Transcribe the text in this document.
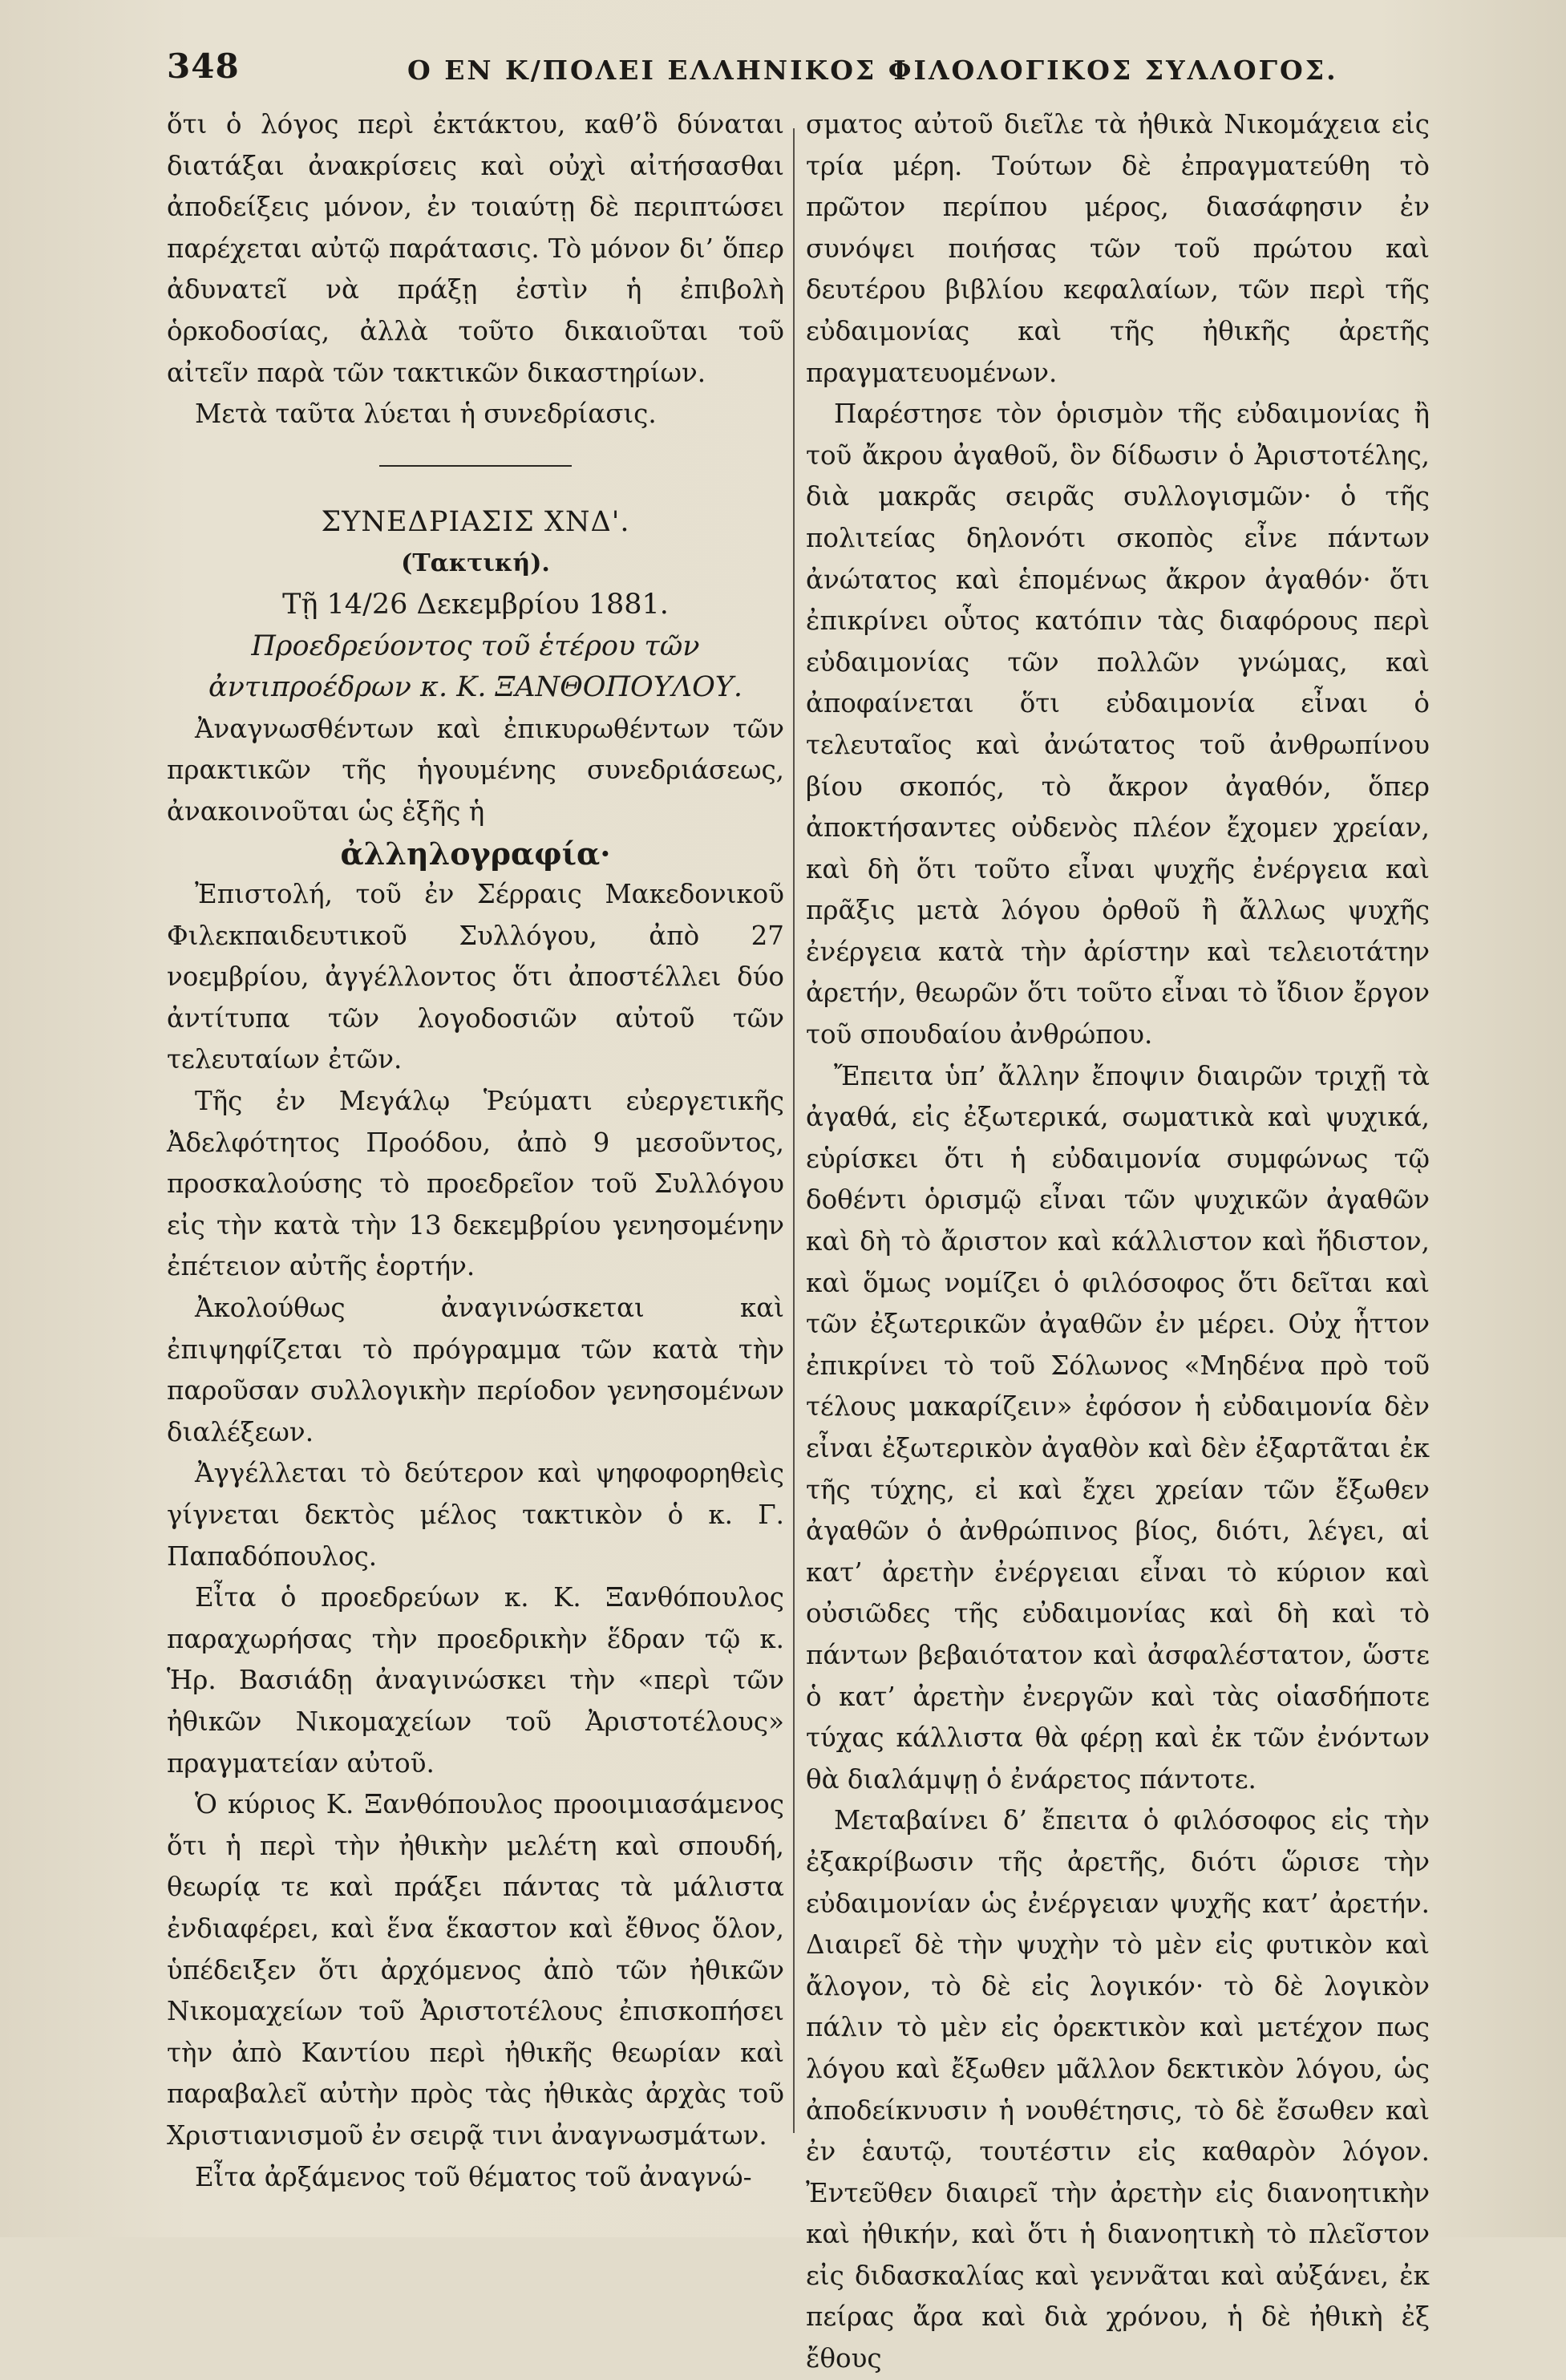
348	Ο ΕΝ Κ/ΠΟΛΕΙ ΕΛΛΗΝΙΚΟΣ ΦΙΛΟΛΟΓΙΚΟΣ ΣΥΛΛΟΓΟΣ.

ὅτι ὁ λόγος περὶ ἐκτάκτου, καθ’ὃ δύναται διατάξαι ἀνακρίσεις καὶ οὐχὶ αἰτήσασθαι ἀποδείξεις μόνον, ἐν τοιαύτῃ δὲ περιπτώσει παρέχεται αὐτῷ παράτασις. Τὸ μόνον δι’ ὅπερ ἀδυνατεῖ νὰ πράξῃ ἐστὶν ἡ ἐπιβολὴ ὁρκοδοσίας, ἀλλὰ τοῦτο δικαιοῦται τοῦ αἰτεῖν παρὰ τῶν τακτικῶν δικαστηρίων.

Μετὰ ταῦτα λύεται ἡ συνεδρίασις.

ΣΥΝΕΔΡΙΑΣΙΣ ΧΝΔ'.

(Τακτική).

Τῇ 14/26 Δεκεμβρίου 1881.

Προεδρεύοντος τοῦ ἑτέρου τῶν ἀντιπροέδρων κ. Κ. ΞΑΝΘΟΠΟΥΛΟΥ.

Ἀναγνωσθέντων καὶ ἐπικυρωθέντων τῶν πρακτικῶν τῆς ἡγουμένης συνεδριάσεως, ἀνακοινοῦται ὡς ἑξῆς ἡ

ἀλληλογραφία·

Ἐπιστολή, τοῦ ἐν Σέρραις Μακεδονικοῦ Φιλεκπαιδευτικοῦ Συλλόγου, ἀπὸ 27 νοεμβρίου, ἀγγέλλοντος ὅτι ἀποστέλλει δύο ἀντίτυπα τῶν λογοδοσιῶν αὐτοῦ τῶν τελευταίων ἐτῶν.

Τῆς ἐν Μεγάλῳ Ῥεύματι εὐεργετικῆς Ἀδελφότητος Προόδου, ἀπὸ 9 μεσοῦντος, προσκαλούσης τὸ προεδρεῖον τοῦ Συλλόγου εἰς τὴν κατὰ τὴν 13 δεκεμβρίου γενησομένην ἐπέτειον αὐτῆς ἑορτήν.

Ἀκολούθως ἀναγινώσκεται καὶ ἐπιψηφίζεται τὸ πρόγραμμα τῶν κατὰ τὴν παροῦσαν συλλογικὴν περίοδον γενησομένων διαλέξεων.

Ἀγγέλλεται τὸ δεύτερον καὶ ψηφοφορηθεὶς γίγνεται δεκτὸς μέλος τακτικὸν ὁ κ. Γ. Παπαδόπουλος.

Εἶτα ὁ προεδρεύων κ. Κ. Ξανθόπουλος παραχωρήσας τὴν προεδρικὴν ἕδραν τῷ κ. Ἡρ. Βασιάδῃ ἀναγινώσκει τὴν «περὶ τῶν ἠθικῶν Νικομαχείων τοῦ Ἀριστοτέλους» πραγματείαν αὐτοῦ.

Ὁ κύριος Κ. Ξανθόπουλος προοιμιασάμενος ὅτι ἡ περὶ τὴν ἠθικὴν μελέτη καὶ σπουδή, θεωρίᾳ τε καὶ πράξει πάντας τὰ μάλιστα ἐνδιαφέρει, καὶ ἕνα ἕκαστον καὶ ἔθνος ὅλον, ὑπέδειξεν ὅτι ἀρχόμενος ἀπὸ τῶν ἠθικῶν Νικομαχείων τοῦ Ἀριστοτέλους ἐπισκοπήσει τὴν ἀπὸ Καντίου περὶ ἠθικῆς θεωρίαν καὶ παραβαλεῖ αὐτὴν πρὸς τὰς ἠθικὰς ἀρχὰς τοῦ Χριστιανισμοῦ ἐν σειρᾷ τινι ἀναγνωσμάτων.

Εἶτα ἀρξάμενος τοῦ θέματος τοῦ ἀναγνώ-

σματος αὐτοῦ διεῖλε τὰ ἠθικὰ Νικομάχεια εἰς τρία μέρη. Τούτων δὲ ἐπραγματεύθη τὸ πρῶτον περίπου μέρος, διασάφησιν ἐν συνόψει ποιήσας τῶν τοῦ πρώτου καὶ δευτέρου βιβλίου κεφαλαίων, τῶν περὶ τῆς εὐδαιμονίας καὶ τῆς ἠθικῆς ἀρετῆς πραγματευομένων.

Παρέστησε τὸν ὁρισμὸν τῆς εὐδαιμονίας ἢ τοῦ ἄκρου ἀγαθοῦ, ὃν δίδωσιν ὁ Ἀριστοτέλης, διὰ μακρᾶς σειρᾶς συλλογισμῶν· ὁ τῆς πολιτείας δηλονότι σκοπὸς εἶνε πάντων ἀνώτατος καὶ ἑπομένως ἄκρον ἀγαθόν· ὅτι ἐπικρίνει οὗτος κατόπιν τὰς διαφόρους περὶ εὐδαιμονίας τῶν πολλῶν γνώμας, καὶ ἀποφαίνεται ὅτι εὐδαιμονία εἶναι ὁ τελευταῖος καὶ ἀνώτατος τοῦ ἀνθρωπίνου βίου σκοπός, τὸ ἄκρον ἀγαθόν, ὅπερ ἀποκτήσαντες οὐδενὸς πλέον ἔχομεν χρείαν, καὶ δὴ ὅτι τοῦτο εἶναι ψυχῆς ἐνέργεια καὶ πρᾶξις μετὰ λόγου ὀρθοῦ ἢ ἄλλως ψυχῆς ἐνέργεια κατὰ τὴν ἀρίστην καὶ τελειοτάτην ἀρετήν, θεωρῶν ὅτι τοῦτο εἶναι τὸ ἴδιον ἔργον τοῦ σπουδαίου ἀνθρώπου.

Ἔπειτα ὑπ’ ἄλλην ἔποψιν διαιρῶν τριχῇ τὰ ἀγαθά, εἰς ἐξωτερικά, σωματικὰ καὶ ψυχικά, εὑρίσκει ὅτι ἡ εὐδαιμονία συμφώνως τῷ δοθέντι ὁρισμῷ εἶναι τῶν ψυχικῶν ἀγαθῶν καὶ δὴ τὸ ἄριστον καὶ κάλλιστον καὶ ἥδιστον, καὶ ὅμως νομίζει ὁ φιλόσοφος ὅτι δεῖται καὶ τῶν ἐξωτερικῶν ἀγαθῶν ἐν μέρει. Οὐχ ἧττον ἐπικρίνει τὸ τοῦ Σόλωνος «Μηδένα πρὸ τοῦ τέλους μακαρίζειν» ἐφόσον ἡ εὐδαιμονία δὲν εἶναι ἐξωτερικὸν ἀγαθὸν καὶ δὲν ἐξαρτᾶται ἐκ τῆς τύχης, εἰ καὶ ἔχει χρείαν τῶν ἔξωθεν ἀγαθῶν ὁ ἀνθρώπινος βίος, διότι, λέγει, αἱ κατ’ ἀρετὴν ἐνέργειαι εἶναι τὸ κύριον καὶ οὐσιῶδες τῆς εὐδαιμονίας καὶ δὴ καὶ τὸ πάντων βεβαιότατον καὶ ἀσφαλέστατον, ὥστε ὁ κατ’ ἀρετὴν ἐνεργῶν καὶ τὰς οἱασδήποτε τύχας κάλλιστα θὰ φέρῃ καὶ ἐκ τῶν ἐνόντων θὰ διαλάμψῃ ὁ ἐνάρετος πάντοτε.

Μεταβαίνει δ’ ἔπειτα ὁ φιλόσοφος εἰς τὴν ἐξακρίβωσιν τῆς ἀρετῆς, διότι ὥρισε τὴν εὐδαιμονίαν ὡς ἐνέργειαν ψυχῆς κατ’ ἀρετήν. Διαιρεῖ δὲ τὴν ψυχὴν τὸ μὲν εἰς φυτικὸν καὶ ἄλογον, τὸ δὲ εἰς λογικόν· τὸ δὲ λογικὸν πάλιν τὸ μὲν εἰς ὀρεκτικὸν καὶ μετέχον πως λόγου καὶ ἔξωθεν μᾶλλον δεκτικὸν λόγου, ὡς ἀποδείκνυσιν ἡ νουθέτησις, τὸ δὲ ἔσωθεν καὶ ἐν ἑαυτῷ, τουτέστιν εἰς καθαρὸν λόγον. Ἐντεῦθεν διαιρεῖ τὴν ἀρετὴν εἰς διανοητικὴν καὶ ἠθικήν, καὶ ὅτι ἡ διανοητικὴ τὸ πλεῖστον εἰς διδασκαλίας καὶ γεννᾶται καὶ αὐξάνει, ἐκ πείρας ἄρα καὶ διὰ χρόνου, ἡ δὲ ἠθικὴ ἐξ ἔθους
